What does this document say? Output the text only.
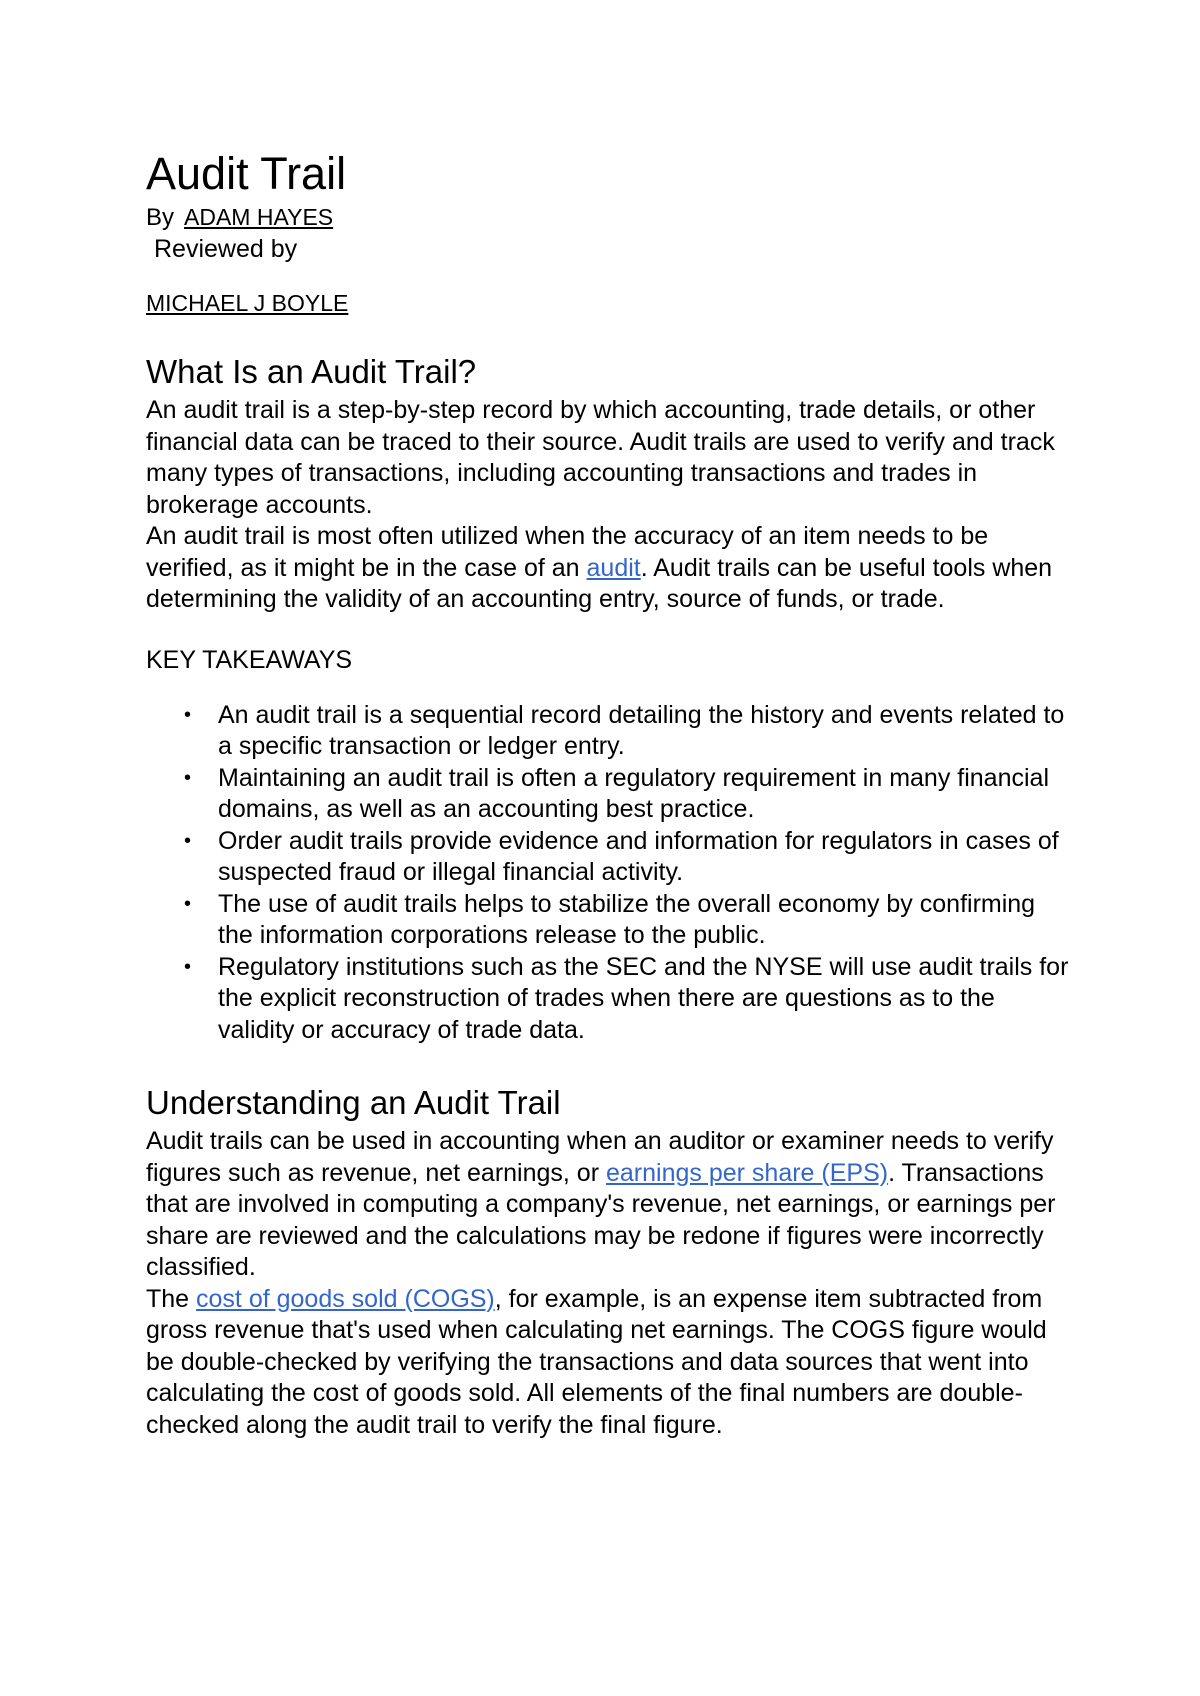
Audit Trail
By ADAM HAYES
Reviewed by
MICHAEL J BOYLE
What Is an Audit Trail?

An audit trail is a step-by-step record by which accounting, trade details, or other financial data can be traced to their source. Audit trails are used to verify and track many types of transactions, including accounting transactions and trades in brokerage accounts.

An audit trail is most often utilized when the accuracy of an item needs to be verified, as it might be in the case of an audit. Audit trails can be useful tools when determining the validity of an accounting entry, source of funds, or trade.

KEY TAKEAWAYS
• An audit trail is a sequential record detailing the history and events related to a specific transaction or ledger entry.
• Maintaining an audit trail is often a regulatory requirement in many financial domains, as well as an accounting best practice.
• Order audit trails provide evidence and information for regulators in cases of suspected fraud or illegal financial activity.
• The use of audit trails helps to stabilize the overall economy by confirming the information corporations release to the public.
• Regulatory institutions such as the SEC and the NYSE will use audit trails for the explicit reconstruction of trades when there are questions as to the validity or accuracy of trade data.
Understanding an Audit Trail

Audit trails can be used in accounting when an auditor or examiner needs to verify figures such as revenue, net earnings, or earnings per share (EPS). Transactions that are involved in computing a company's revenue, net earnings, or earnings per share are reviewed and the calculations may be redone if figures were incorrectly classified.

The cost of goods sold (COGS), for example, is an expense item subtracted from gross revenue that's used when calculating net earnings. The COGS figure would be double-checked by verifying the transactions and data sources that went into calculating the cost of goods sold. All elements of the final numbers are double-checked along the audit trail to verify the final figure.
